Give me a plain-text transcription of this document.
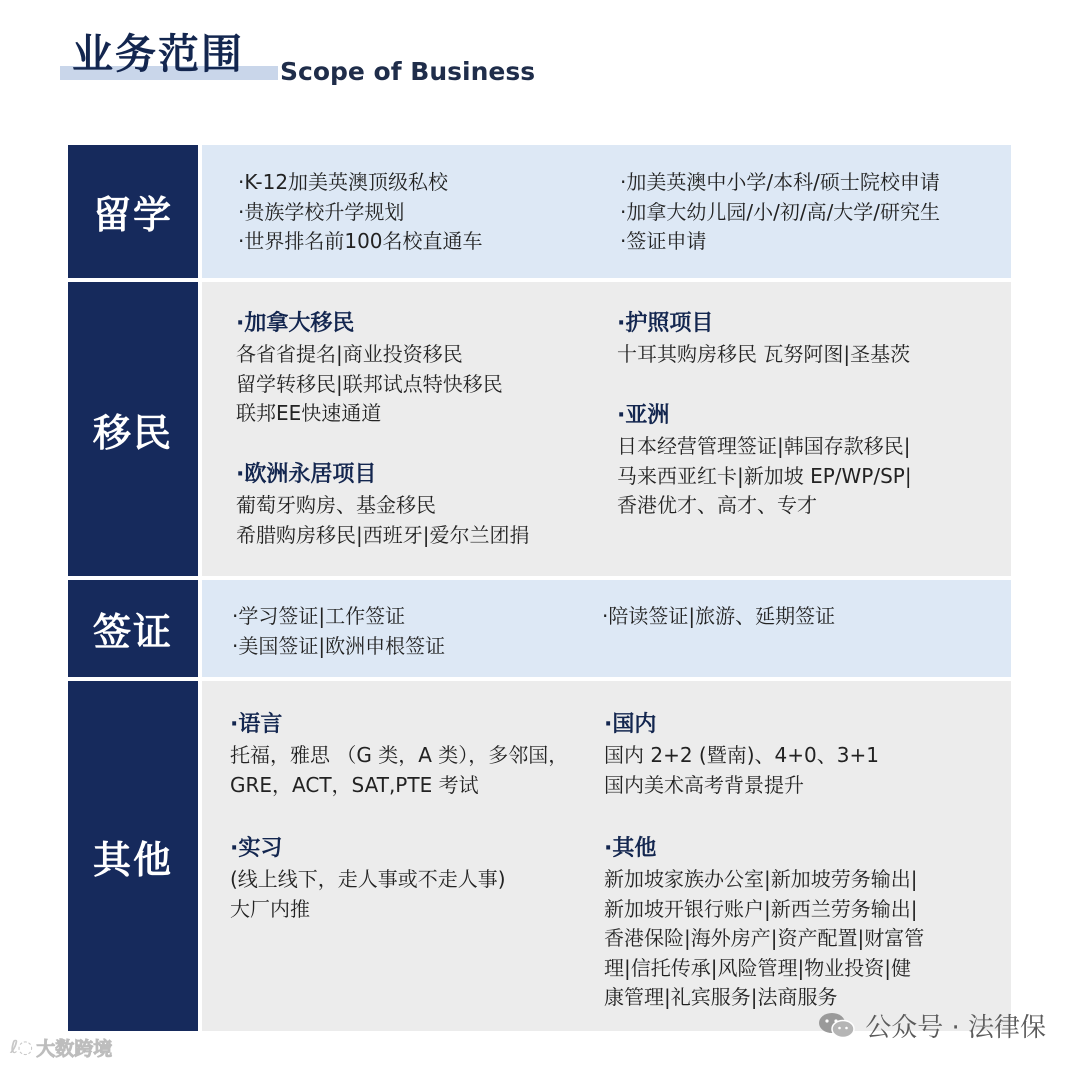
业务范围 Scope of Business
留学
·K-12加美英澳顶级私校
·贵族学校升学规划
·世界排名前100名校直通车
·加美英澳中小学/本科/硕士院校申请
·加拿大幼儿园/小/初/高/大学/研究生
·签证申请
移民
·加拿大移民
各省省提名|商业投资移民
留学转移民|联邦试点特快移民
联邦EE快速通道
·欧洲永居项目
葡萄牙购房、基金移民
希腊购房移民|西班牙|爱尔兰团捐
·护照项目
十耳其购房移民 瓦努阿图|圣基茨
·亚洲
日本经营管理签证|韩国存款移民|
马来西亚红卡|新加坡 EP/WP/SP|
香港优才、高才、专才
签证	·学习签证|工作签证
·美国签证|欧洲申根签证
·陪读签证|旅游、延期签证
其他
·语言
托福，雅思 （G 类，A 类），多邻国，
GRE，ACT，SAT,PTE 考试
·实习
(线上线下，走人事或不走人事)
大厂内推
·国内
国内 2+2 (暨南)、4+0、3+1
国内美术高考背景提升
·其他
新加坡家族办公室|新加坡劳务输出|
新加坡开银行账户|新西兰劳务输出|
香港保险|海外房产|资产配置|财富管
理|信托传承|风险管理|物业投资|健
康管理|礼宾服务|法商服务
ℓ◌ 大数跨境
公众号 · 法律保
